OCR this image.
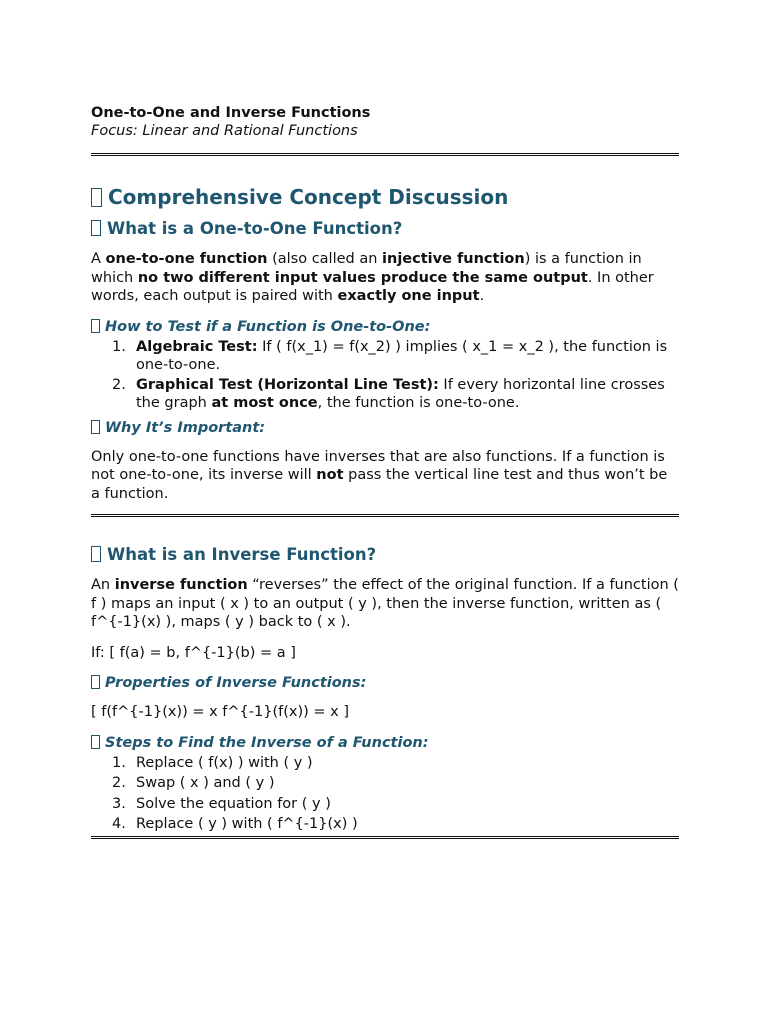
One-to-One and Inverse Functions

Focus: Linear and Rational Functions

Comprehensive Concept Discussion
What is a One-to-One Function?

A one-to-one function (also called an injective function) is a function in which no two different input values produce the same output. In other words, each output is paired with exactly one input.

How to Test if a Function is One-to-One:
1. Algebraic Test: If ( f(x_1) = f(x_2) ) implies ( x_1 = x_2 ), the function is one-to-one.
2. Graphical Test (Horizontal Line Test): If every horizontal line crosses the graph at most once, the function is one-to-one.
Why It’s Important:

Only one-to-one functions have inverses that are also functions. If a function is not one-to-one, its inverse will not pass the vertical line test and thus won’t be a function.

What is an Inverse Function?

An inverse function “reverses” the effect of the original function. If a function ( f ) maps an input ( x ) to an output ( y ), then the inverse function, written as ( f^{-1}(x) ), maps ( y ) back to ( x ).

If: [ f(a) = b, f^{-1}(b) = a ]

Properties of Inverse Functions:

[ f(f^{-1}(x)) = x f^{-1}(f(x)) = x ]

Steps to Find the Inverse of a Function:
1. Replace ( f(x) ) with ( y )
2. Swap ( x ) and ( y )
3. Solve the equation for ( y )
4. Replace ( y ) with ( f^{-1}(x) )
